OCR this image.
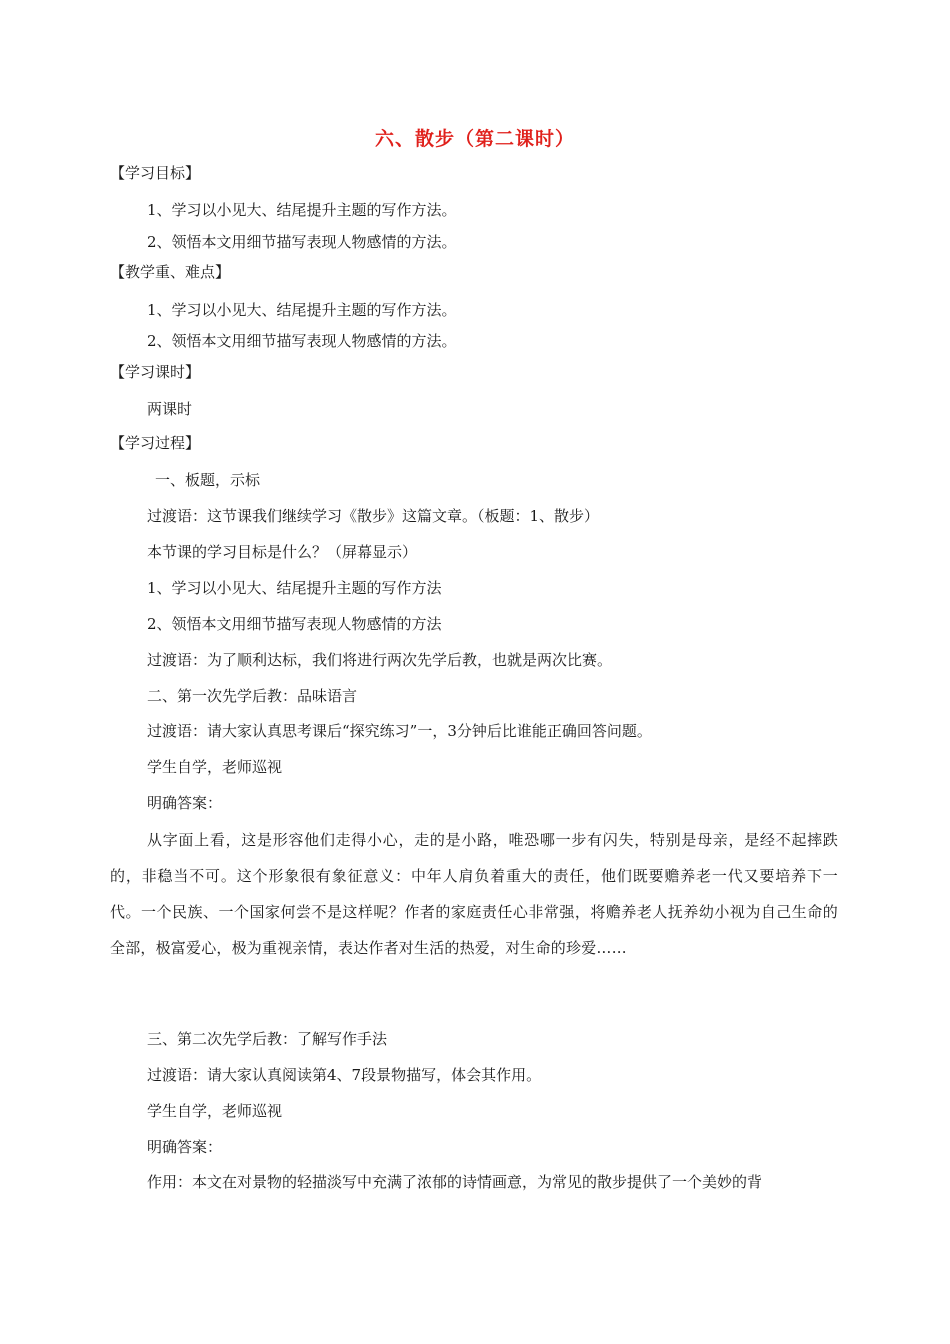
六、散步（第二课时）
【学习目标】
1、学习以小见大、结尾提升主题的写作方法。
2、领悟本文用细节描写表现人物感情的方法。
【教学重、难点】
1、学习以小见大、结尾提升主题的写作方法。
2、领悟本文用细节描写表现人物感情的方法。
【学习课时】
两课时
【学习过程】
一、板题，示标
过渡语：这节课我们继续学习《散步》这篇文章。（板题：1、散步）
本节课的学习目标是什么？（屏幕显示）
1、学习以小见大、结尾提升主题的写作方法
2、领悟本文用细节描写表现人物感情的方法
过渡语：为了顺利达标，我们将进行两次先学后教，也就是两次比赛。
二、第一次先学后教：品味语言
过渡语：请大家认真思考课后“探究练习”一，3分钟后比谁能正确回答问题。
学生自学，老师巡视
明确答案：
从字面上看，这是形容他们走得小心，走的是小路，唯恐哪一步有闪失，特别是母亲，是经不起摔跌的，非稳当不可。这个形象很有象征意义：中年人肩负着重大的责任，他们既要赡养老一代又要培养下一代。一个民族、一个国家何尝不是这样呢？作者的家庭责任心非常强，将赡养老人抚养幼小视为自己生命的全部，极富爱心，极为重视亲情，表达作者对生活的热爱，对生命的珍爱……
三、第二次先学后教：了解写作手法
过渡语：请大家认真阅读第4、7段景物描写，体会其作用。
学生自学，老师巡视
明确答案：
作用：本文在对景物的轻描淡写中充满了浓郁的诗情画意，为常见的散步提供了一个美妙的背
